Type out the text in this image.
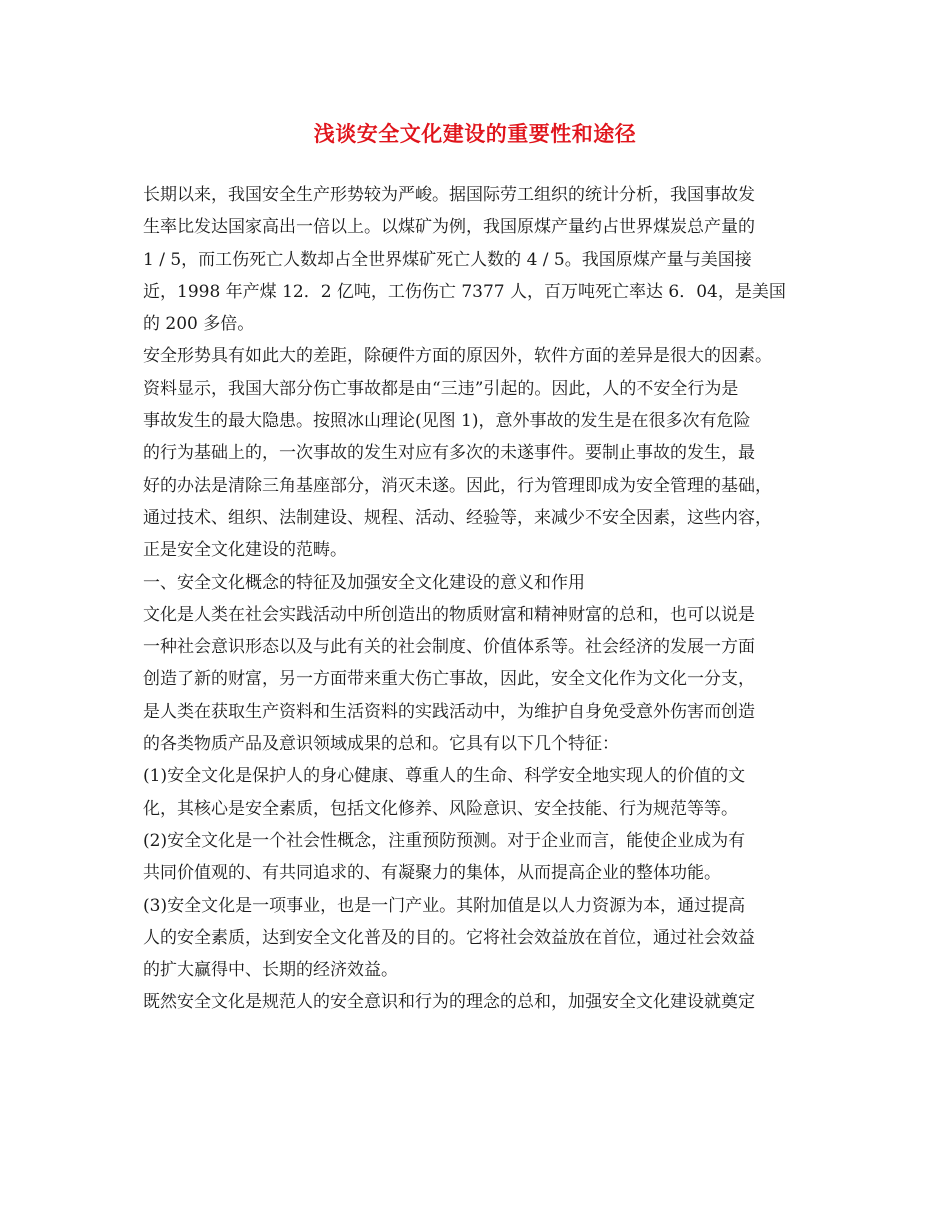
浅谈安全文化建设的重要性和途径
长期以来，我国安全生产形势较为严峻。据国际劳工组织的统计分析，我国事故发
生率比发达国家高出一倍以上。以煤矿为例，我国原煤产量约占世界煤炭总产量的
1 / 5，而工伤死亡人数却占全世界煤矿死亡人数的 4 / 5。我国原煤产量与美国接
近，1998 年产煤 12．2 亿吨，工伤伤亡 7377 人，百万吨死亡率达 6．04，是美国
的 200 多倍。
安全形势具有如此大的差距，除硬件方面的原因外，软件方面的差异是很大的因素。
资料显示，我国大部分伤亡事故都是由“三违”引起的。因此，人的不安全行为是
事故发生的最大隐患。按照冰山理论(见图 1)，意外事故的发生是在很多次有危险
的行为基础上的，一次事故的发生对应有多次的未遂事件。要制止事故的发生，最
好的办法是清除三角基座部分，消灭未遂。因此，行为管理即成为安全管理的基础，
通过技术、组织、法制建设、规程、活动、经验等，来减少不安全因素，这些内容，
正是安全文化建设的范畴。
一、安全文化概念的特征及加强安全文化建设的意义和作用
文化是人类在社会实践活动中所创造出的物质财富和精神财富的总和，也可以说是
一种社会意识形态以及与此有关的社会制度、价值体系等。社会经济的发展一方面
创造了新的财富，另一方面带来重大伤亡事故，因此，安全文化作为文化一分支，
是人类在获取生产资料和生活资料的实践活动中，为维护自身免受意外伤害而创造
的各类物质产品及意识领域成果的总和。它具有以下几个特征：
(1)安全文化是保护人的身心健康、尊重人的生命、科学安全地实现人的价值的文
化，其核心是安全素质，包括文化修养、风险意识、安全技能、行为规范等等。
(2)安全文化是一个社会性概念，注重预防预测。对于企业而言，能使企业成为有
共同价值观的、有共同追求的、有凝聚力的集体，从而提高企业的整体功能。
(3)安全文化是一项事业，也是一门产业。其附加值是以人力资源为本，通过提高
人的安全素质，达到安全文化普及的目的。它将社会效益放在首位，通过社会效益
的扩大赢得中、长期的经济效益。
既然安全文化是规范人的安全意识和行为的理念的总和，加强安全文化建设就奠定
